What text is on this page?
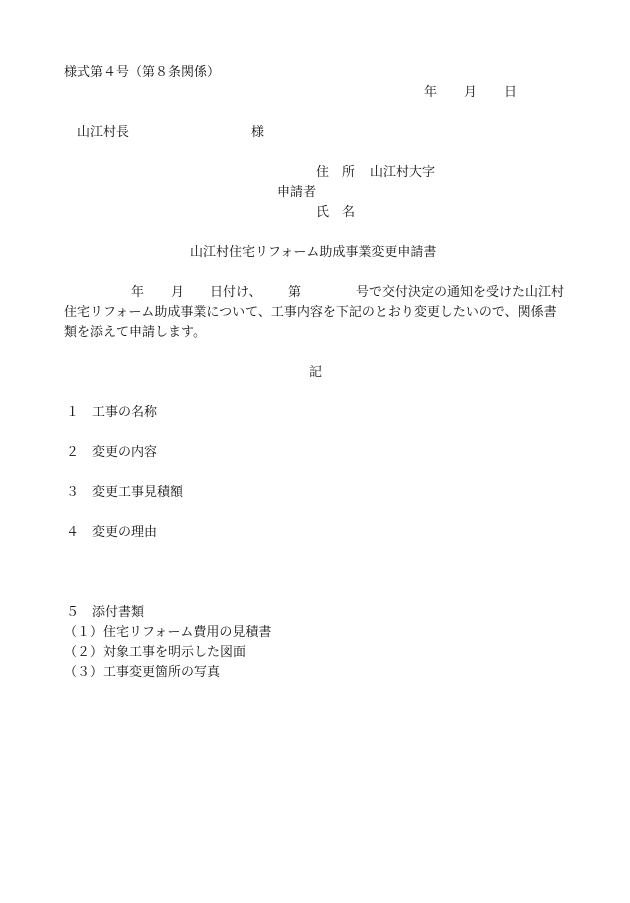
様式第４号（第８条関係）
年 月 日
山江村長	様
住　所 山江村大字
申請者
氏　名
山江村住宅リフォーム助成事業変更申請書
年 月 日付け、 第	号で交付決定の通知を受けた山江村
住宅リフォーム助成事業について、工事内容を下記のとおり変更したいので、関係書
類を添えて申請します。
記
１ 工事の名称
２ 変更の内容
３ 変更工事見積額
４ 変更の理由
５ 添付書類
（１）住宅リフォーム費用の見積書
（２）対象工事を明示した図面
（３）工事変更箇所の写真
